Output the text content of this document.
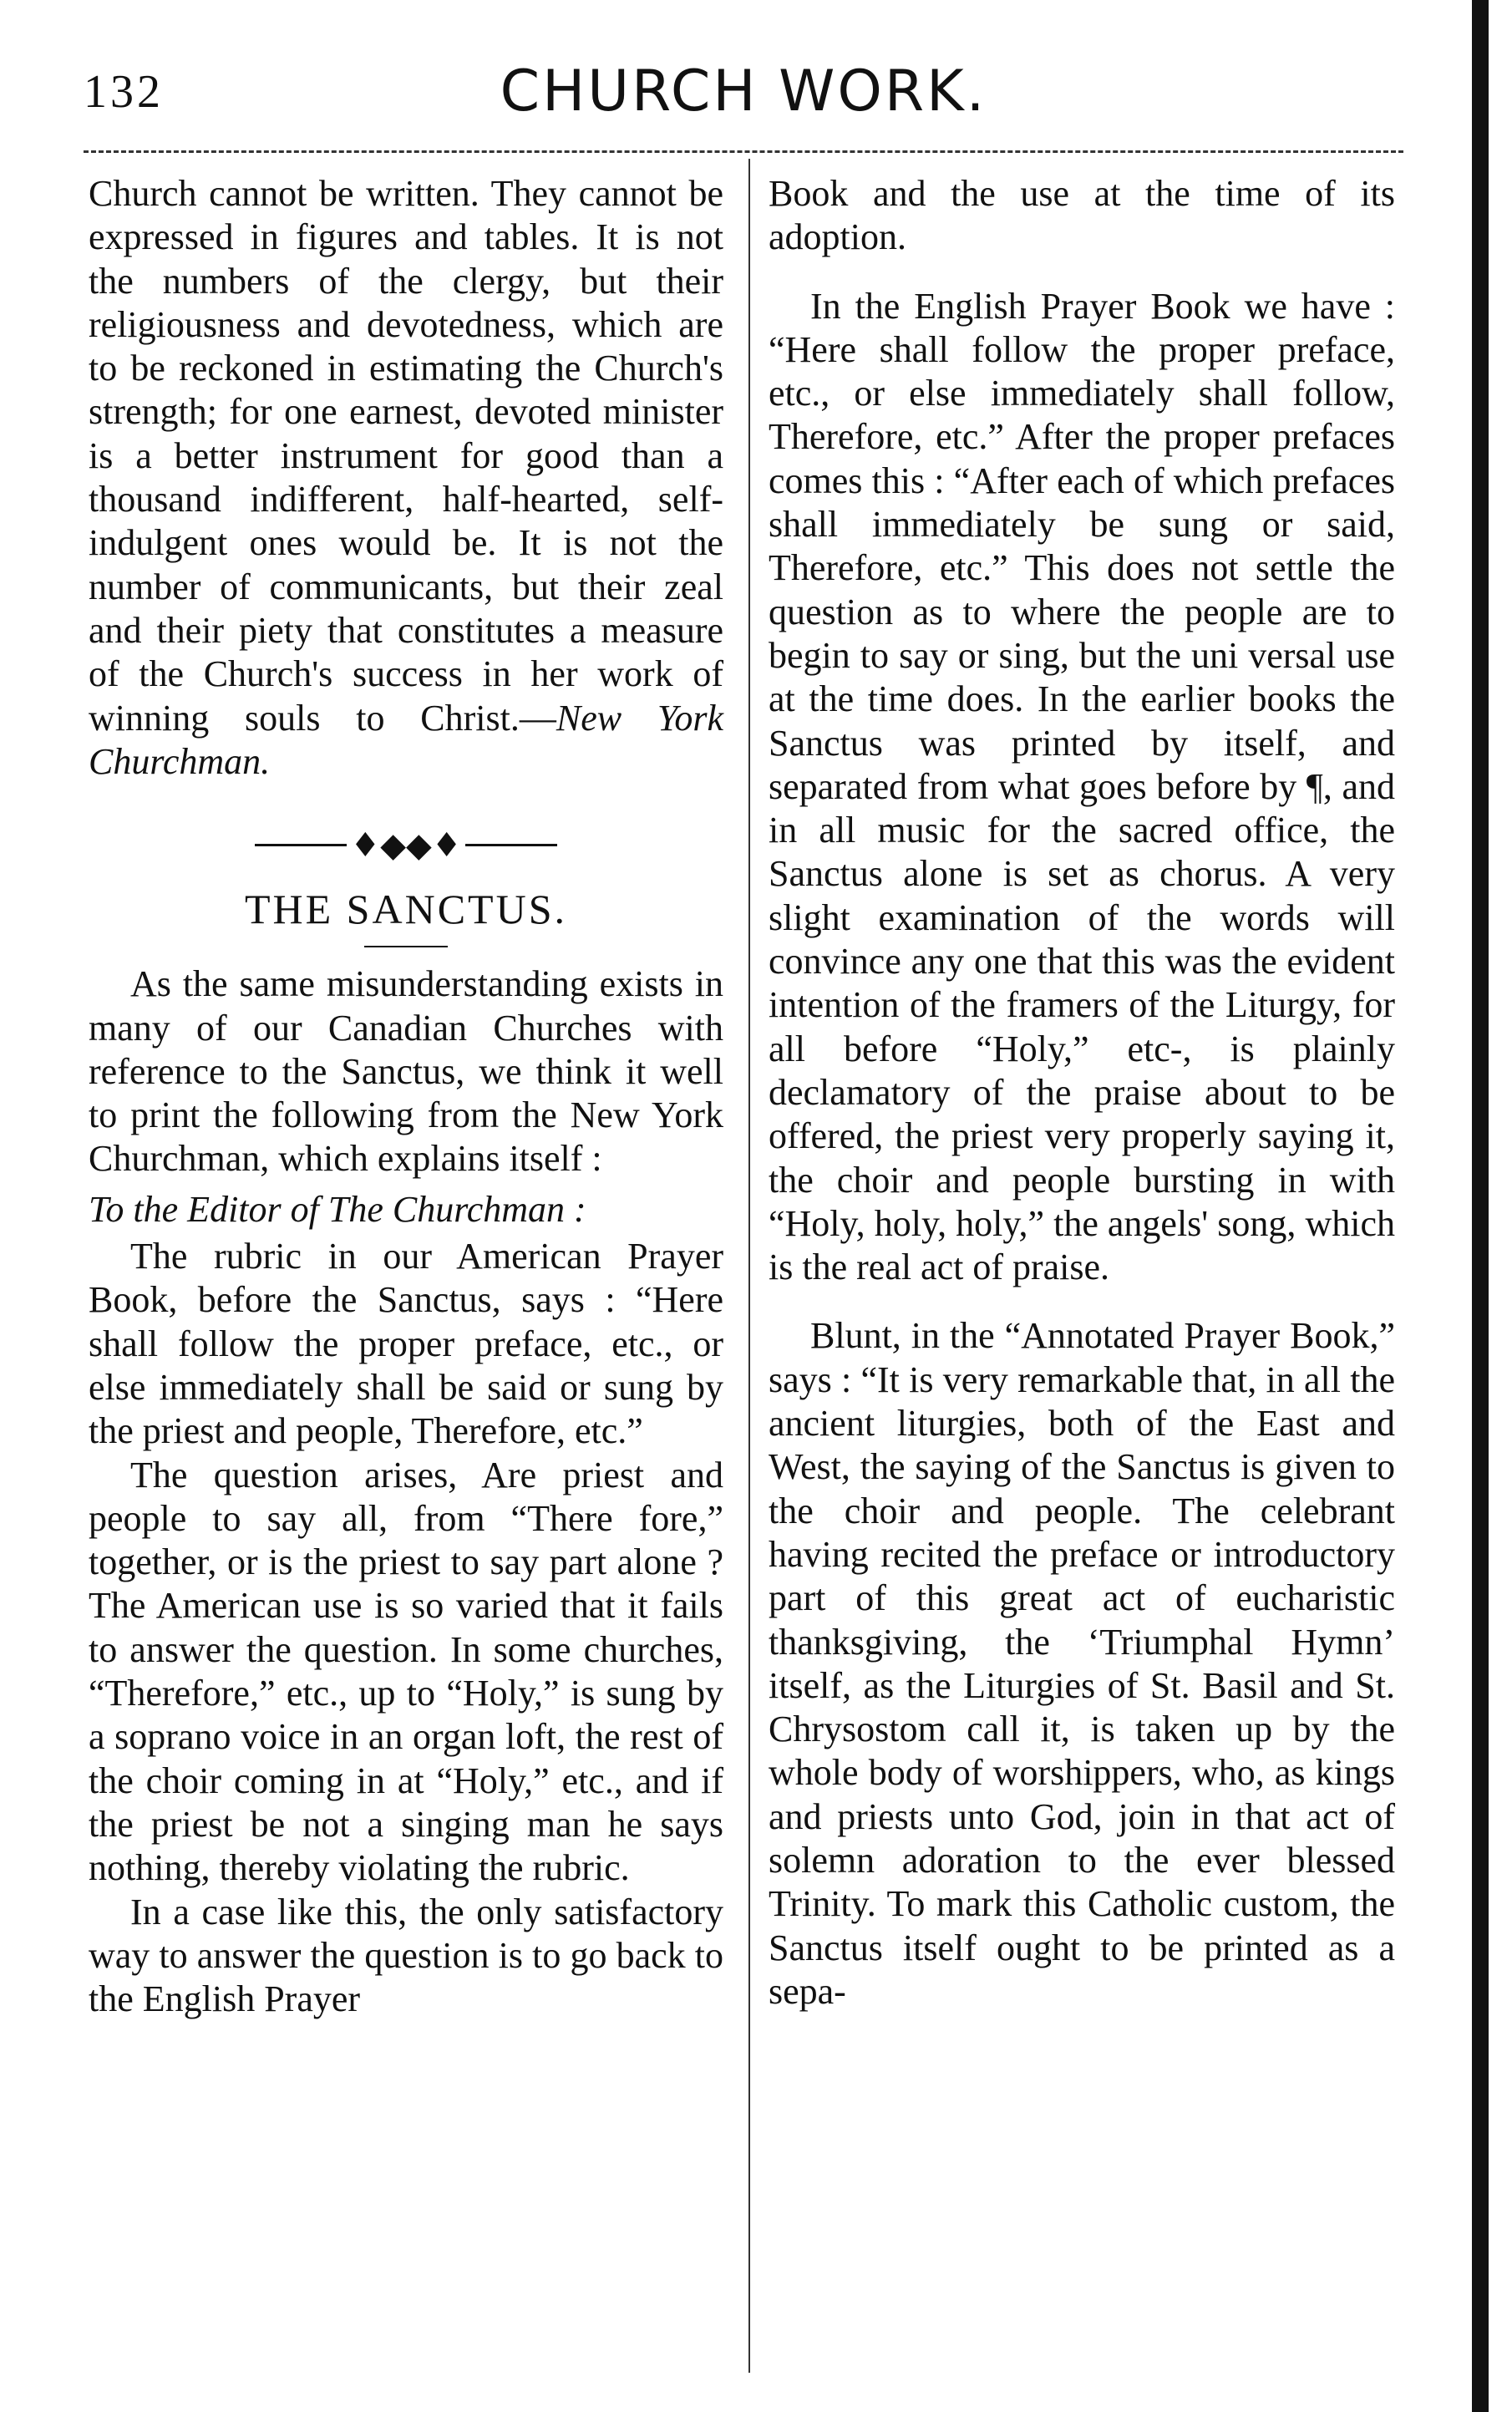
132	CHURCH WORK.

Church cannot be written. They cannot be expressed in figures and tables. It is not the numbers of the clergy, but their religiousness and devotedness, which are to be reckoned in estimating the Church's strength; for one earnest, devoted minister is a better instrument for good than a thousand indifferent, half-hearted, self-indulgent ones would be. It is not the number of communicants, but their zeal and their piety that constitutes a measure of the Church's success in her work of winning souls to Christ.—New York Churchman.

♦◆◆♦
THE SANCTUS.

As the same misunderstanding exists in many of our Canadian Churches with reference to the Sanctus, we think it well to print the following from the New York Churchman, which explains itself :

To the Editor of The Churchman :

The rubric in our American Prayer Book, before the Sanctus, says : “Here shall follow the proper preface, etc., or else immediately shall be said or sung by the priest and people, Therefore, etc.”

The question arises, Are priest and people to say all, from “There fore,” together, or is the priest to say part alone ? The American use is so varied that it fails to answer the question. In some churches, “Therefore,” etc., up to “Holy,” is sung by a soprano voice in an organ loft, the rest of the choir coming in at “Holy,” etc., and if the priest be not a singing man he says nothing, thereby violating the rubric.

In a case like this, the only satisfactory way to answer the question is to go back to the English Prayer

Book and the use at the time of its adoption.

In the English Prayer Book we have : “Here shall follow the proper preface, etc., or else immediately shall follow, Therefore, etc.” After the proper prefaces comes this : “After each of which prefaces shall immediately be sung or said, Therefore, etc.” This does not settle the question as to where the people are to begin to say or sing, but the uni versal use at the time does. In the earlier books the Sanctus was printed by itself, and separated from what goes before by ¶, and in all music for the sacred office, the Sanctus alone is set as chorus. A very slight examination of the words will convince any one that this was the evident intention of the framers of the Liturgy, for all before “Holy,” etc-, is plainly declamatory of the praise about to be offered, the priest very properly saying it, the choir and people bursting in with “Holy, holy, holy,” the angels' song, which is the real act of praise.

Blunt, in the “Annotated Prayer Book,” says : “It is very remarkable that, in all the ancient liturgies, both of the East and West, the saying of the Sanctus is given to the choir and people. The celebrant having recited the preface or introductory part of this great act of eucharistic thanksgiving, the ‘Triumphal Hymn’ itself, as the Liturgies of St. Basil and St. Chrysostom call it, is taken up by the whole body of worshippers, who, as kings and priests unto God, join in that act of solemn adoration to the ever blessed Trinity. To mark this Catholic custom, the Sanctus itself ought to be printed as a sepa-
